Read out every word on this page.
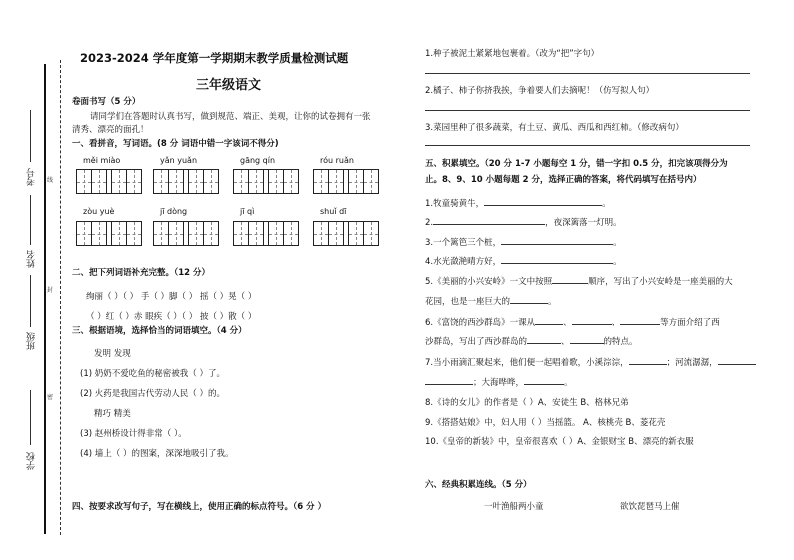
考号
姓名
班级
学校
线
封
密
2023-2024 学年度第一学期期末教学质量检测试题
三年级语文
卷面书写（5 分）
请同学们在答题时认真书写，做到规范、端正、美观，让你的试卷拥有一张
清秀、漂亮的面孔！
一、看拼音，写词语。(8 分 词语中错一字该词不得分)
měi miào	yǎn yuǎn	gāng qín	róu ruǎn
zòu yuè	jī dòng	jī qì	shuǐ dī
二、把下列词语补充完整。（12 分）
绚丽（ ）（ ） 手（ ）脚（ ） 摇（ ）晃（ ）
（ ）红（ ）赤 眼疾（ ）（ ） 披（ ）散（ ）
三、根据语境，选择恰当的词语填空。（4 分）
发明 发现
(1) 奶奶不爱吃鱼的秘密被我（ ）了。
(2) 火药是我国古代劳动人民（ ）的。
精巧 精美
(3) 赵州桥设计得非常（ ）。
(4) 墙上（ ）的图案，深深地吸引了我。
四、按要求改写句子，写在横线上，使用正确的标点符号。（6 分 ）
1.种子被泥土紧紧地包裹着。（改为“把”字句）
2.橘子、柿子你挤我挨，争着要人们去摘呢！（仿写拟人句）
3.菜园里种了很多蔬菜，有土豆、黄瓜、西瓜和西红柿。（修改病句）
五、积累填空。（20 分 1-7 小题每空 1 分，错一字扣 0.5 分，扣完该项得分为
止。8、9、10 小题每题 2 分，选择正确的答案，将代码填写在括号内）
1.牧童骑黄牛，	。
2.	，夜深篱落一灯明。
3.一个篱笆三个桩，	。
4.水光潋滟晴方好，	。
5.《美丽的小兴安岭》一文中按照	顺序，写出了小兴安岭是一座美丽的大
花园，也是一座巨大的	。
6.《富饶的西沙群岛》一课从	、	、	等方面介绍了西
沙群岛，写出了西沙群岛的	、	的特点。
7.当小雨滴汇聚起来，他们便一起唱着歌，小溪淙淙，	；河流潺潺，
；大海哗哗，	。
8.《诗的女儿》的作者是（ ）A、安徒生 B、格林兄弟
9.《搭搭姑娘》中，妇人用（ ）当摇篮。 A、核桃壳 B、菱花壳
10.《皇帝的新装》中，皇帝很喜欢（ ）A、金银财宝 B、漂亮的新衣服
六、经典积累连线。（5 分）
一叶渔船两小童	欲饮琵琶马上催
